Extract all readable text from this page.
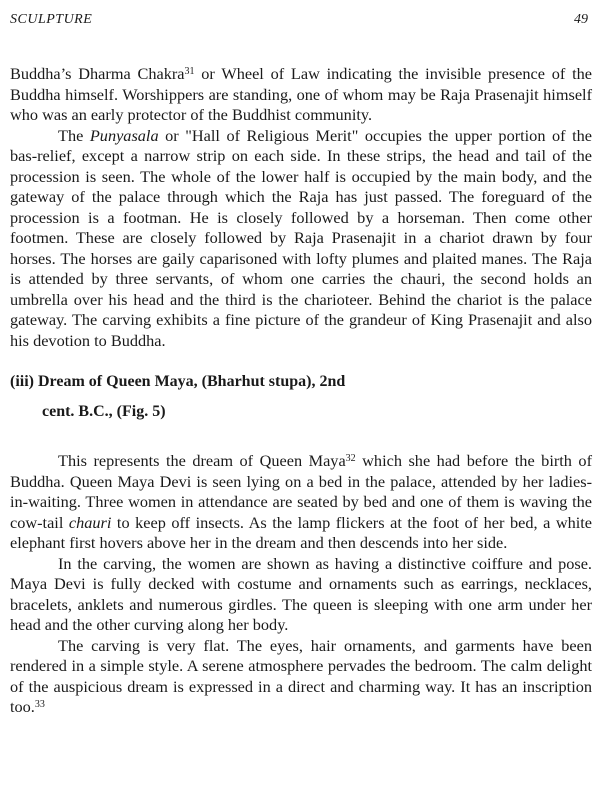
SCULPTURE	49

Buddha’s Dharma Chakra$^{31}$ or Wheel of Law indicating the invisible presence of the Buddha himself. Worshippers are standing, one of whom may be Raja Prasenajit himself who was an early protector of the Buddhist community.

The Punyasala or "Hall of Religious Merit" occupies the upper portion of the bas-relief, except a narrow strip on each side. In these strips, the head and tail of the procession is seen. The whole of the lower half is occupied by the main body, and the gateway of the palace through which the Raja has just passed. The foreguard of the procession is a footman. He is closely followed by a horseman. Then come other footmen. These are closely followed by Raja Prasenajit in a chariot drawn by four horses. The horses are gaily caparisoned with lofty plumes and plaited manes. The Raja is attended by three servants, of whom one carries the chauri, the second holds an umbrella over his head and the third is the charioteer. Behind the chariot is the palace gateway. The carving exhibits a fine picture of the grandeur of King Prasenajit and also his devotion to Buddha.

(iii) Dream of Queen Maya, (Bharhut stupa), 2nd
cent. B.C., (Fig. 5)

This represents the dream of Queen Maya$^{32}$ which she had before the birth of Buddha. Queen Maya Devi is seen lying on a bed in the palace, attended by her ladies-in-waiting. Three women in attendance are seated by bed and one of them is waving the cow-tail chauri to keep off insects. As the lamp flickers at the foot of her bed, a white elephant first hovers above her in the dream and then descends into her side.

In the carving, the women are shown as having a distinctive coiffure and pose. Maya Devi is fully decked with costume and ornaments such as earrings, necklaces, bracelets, anklets and numerous girdles. The queen is sleeping with one arm under her head and the other curving along her body.

The carving is very flat. The eyes, hair ornaments, and garments have been rendered in a simple style. A serene atmosphere pervades the bedroom. The calm delight of the auspicious dream is expressed in a direct and charming way. It has an inscription too.$^{33}$
